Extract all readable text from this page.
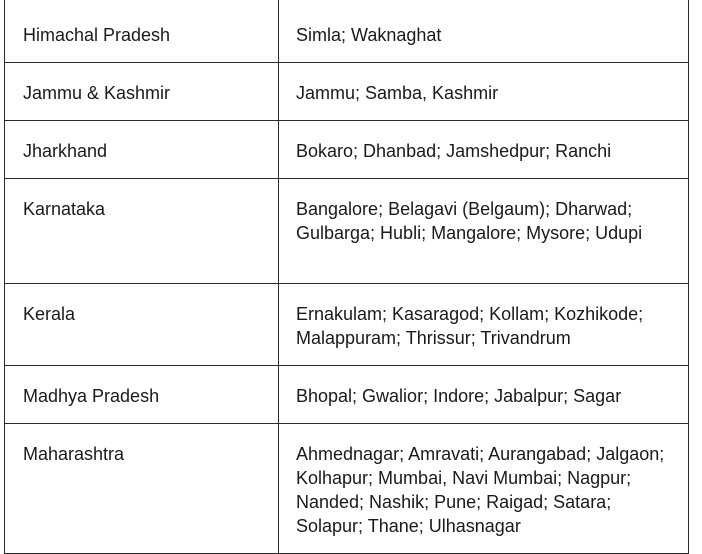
Himachal Pradesh	Simla; Waknaghat

Jammu & Kashmir	Jammu; Samba, Kashmir

Jharkhand	Bokaro; Dhanbad; Jamshedpur; Ranchi

Karnataka	Bangalore; Belagavi (Belgaum); Dharwad; Gulbarga; Hubli; Mangalore; Mysore; Udupi

Kerala	Ernakulam; Kasaragod; Kollam; Kozhikode; Malappuram; Thrissur; Trivandrum

Madhya Pradesh	Bhopal; Gwalior; Indore; Jabalpur; Sagar

Maharashtra	Ahmednagar; Amravati; Aurangabad; Jalgaon; Kolhapur; Mumbai, Navi Mumbai; Nagpur; Nanded; Nashik; Pune; Raigad; Satara; Solapur; Thane; Ulhasnagar
